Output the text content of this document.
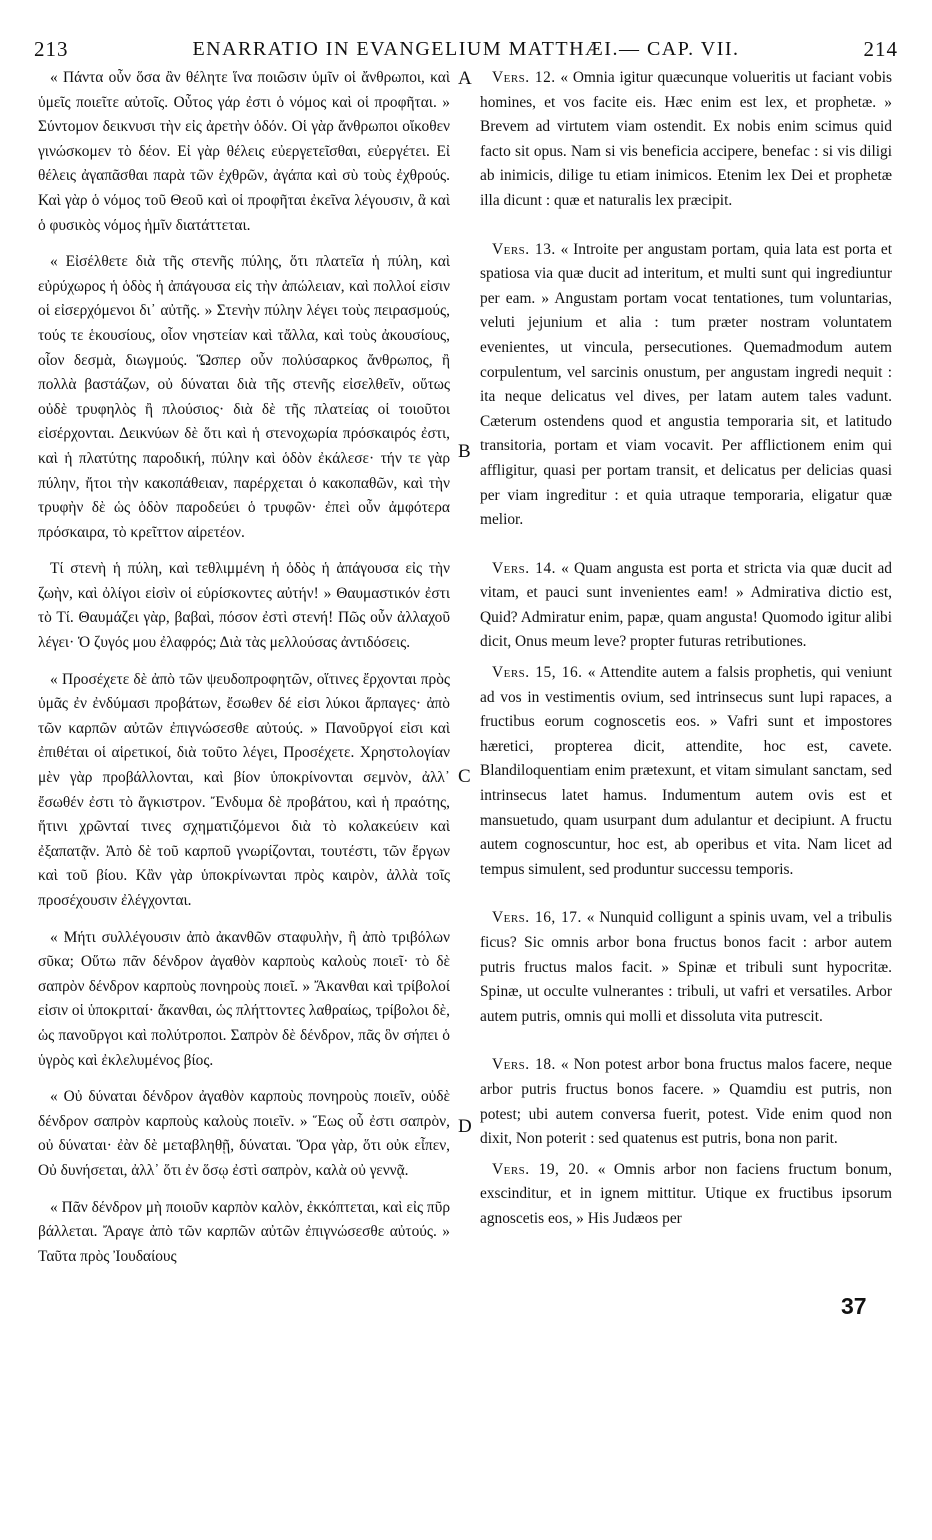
213	ENARRATIO IN EVANGELIUM MATTHÆI.— CAP. VII.	214

« Πάντα οὖν ὅσα ἂν θέλητε ἵνα ποιῶσιν ὑμῖν οἱ ἄνθρωποι, καὶ ὑμεῖς ποιεῖτε αὐτοῖς. Οὗτος γάρ ἐστι ὁ νόμος καὶ οἱ προφῆται. » Σύντομον δεικνυσι τὴν εἰς ἀρετὴν ὁδόν. Οἱ γὰρ ἄνθρωποι οἴκοθεν γινώσκομεν τὸ δέον. Εἰ γὰρ θέλεις εὐεργετεῖσθαι, εὐεργέτει. Εἰ θέλεις ἀγαπᾶσθαι παρὰ τῶν ἐχθρῶν, ἀγάπα καὶ σὺ τοὺς ἐχθρούς. Καὶ γὰρ ὁ νόμος τοῦ Θεοῦ καὶ οἱ προφῆται ἐκεῖνα λέγουσιν, ἃ καὶ ὁ φυσικὸς νόμος ἡμῖν διατάττεται.

« Εἰσέλθετε διὰ τῆς στενῆς πύλης, ὅτι πλατεῖα ἡ πύλη, καὶ εὐρύχωρος ἡ ὁδὸς ἡ ἀπάγουσα εἰς τὴν ἀπώλειαν, καὶ πολλοί εἰσιν οἱ εἰσερχόμενοι δι᾿ αὐτῆς. » Στενὴν πύλην λέγει τοὺς πειρασμούς, τούς τε ἑκουσίους, οἷον νηστείαν καὶ τἄλλα, καὶ τοὺς ἀκουσίους, οἷον δεσμὰ, διωγμούς. Ὥσπερ οὖν πολύσαρκος ἄνθρωπος, ἢ πολλὰ βαστάζων, οὐ δύναται διὰ τῆς στενῆς εἰσελθεῖν, οὕτως οὐδὲ τρυφηλὸς ἢ πλούσιος· διὰ δὲ τῆς πλατείας οἱ τοιοῦτοι εἰσέρχονται. Δεικνύων δὲ ὅτι καὶ ἡ στενοχωρία πρόσκαιρός ἐστι, καὶ ἡ πλατύτης παροδική, πύλην καὶ ὁδὸν ἐκάλεσε· τήν τε γὰρ πύλην, ἤτοι τὴν κακοπάθειαν, παρέρχεται ὁ κακοπαθῶν, καὶ τὴν τρυφὴν δὲ ὡς ὁδὸν παροδεύει ὁ τρυφῶν· ἐπεὶ οὖν ἀμφότερα πρόσκαιρα, τὸ κρεῖττον αἱρετέον.

Τί στενὴ ἡ πύλη, καὶ τεθλιμμένη ἡ ὁδὸς ἡ ἀπάγουσα εἰς τὴν ζωὴν, καὶ ὀλίγοι εἰσὶν οἱ εὑρίσκοντες αὐτήν! » Θαυμαστικόν ἐστι τὸ Τί. Θαυμάζει γὰρ, βαβαὶ, πόσον ἐστὶ στενή! Πῶς οὖν ἀλλαχοῦ λέγει· Ὁ ζυγός μου ἐλαφρός; Διὰ τὰς μελλούσας ἀντιδόσεις.

« Προσέχετε δὲ ἀπὸ τῶν ψευδοπροφητῶν, οἵτινες ἔρχονται πρὸς ὑμᾶς ἐν ἐνδύμασι προβάτων, ἔσωθεν δέ εἰσι λύκοι ἅρπαγες· ἀπὸ τῶν καρπῶν αὐτῶν ἐπιγνώσεσθε αὐτούς. » Πανοῦργοί εἰσι καὶ ἐπιθέται οἱ αἱρετικοί, διὰ τοῦτο λέγει, Προσέχετε. Χρηστολογίαν μὲν γὰρ προβάλλονται, καὶ βίον ὑποκρίνονται σεμνὸν, ἀλλ᾿ ἔσωθέν ἐστι τὸ ἄγκιστρον. Ἔνδυμα δὲ προβάτου, καὶ ἡ πραότης, ἥτινι χρῶνταί τινες σχηματιζόμενοι διὰ τὸ κολακεύειν καὶ ἐξαπατᾷν. Ἀπὸ δὲ τοῦ καρποῦ γνωρίζονται, τουτέστι, τῶν ἔργων καὶ τοῦ βίου. Κἂν γὰρ ὑποκρίνωνται πρὸς καιρὸν, ἀλλὰ τοῖς προσέχουσιν ἐλέγχονται.

« Μήτι συλλέγουσιν ἀπὸ ἀκανθῶν σταφυλὴν, ἢ ἀπὸ τριβόλων σῦκα; Οὕτω πᾶν δένδρον ἀγαθὸν καρποὺς καλοὺς ποιεῖ· τὸ δὲ σαπρὸν δένδρον καρποὺς πονηροὺς ποιεῖ. » Ἄκανθαι καὶ τρίβολοί εἰσιν οἱ ὑποκριταί· ἄκανθαι, ὡς πλήττοντες λαθραίως, τρίβολοι δὲ, ὡς πανοῦργοι καὶ πολύτροποι. Σαπρὸν δὲ δένδρον, πᾶς ὃν σήπει ὁ ὑγρὸς καὶ ἐκλελυμένος βίος.

« Οὐ δύναται δένδρον ἀγαθὸν καρποὺς πονηροὺς ποιεῖν, οὐδὲ δένδρον σαπρὸν καρποὺς καλοὺς ποιεῖν. » Ἕως οὗ ἐστι σαπρὸν, οὐ δύναται· ἐὰν δὲ μεταβληθῇ, δύναται. Ὅρα γὰρ, ὅτι οὐκ εἶπεν, Οὐ δυνήσεται, ἀλλ᾿ ὅτι ἐν ὅσῳ ἐστὶ σαπρὸν, καλὰ οὐ γεννᾷ.

« Πᾶν δένδρον μὴ ποιοῦν καρπὸν καλὸν, ἐκκόπτεται, καὶ εἰς πῦρ βάλλεται. Ἄραγε ἀπὸ τῶν καρπῶν αὐτῶν ἐπιγνώσεσθε αὐτούς. » Ταῦτα πρὸς Ἰουδαίους

A
B
C
D

Vers. 12. « Omnia igitur quæcunque volueritis ut faciant vobis homines, et vos facite eis. Hæc enim est lex, et prophetæ. » Brevem ad virtutem viam ostendit. Ex nobis enim scimus quid facto sit opus. Nam si vis beneficia accipere, benefac : si vis diligi ab inimicis, dilige tu etiam inimicos. Etenim lex Dei et prophetæ illa dicunt : quæ et naturalis lex præcipit.

Vers. 13. « Introite per angustam portam, quia lata est porta et spatiosa via quæ ducit ad interitum, et multi sunt qui ingrediuntur per eam. » Angustam portam vocat tentationes, tum voluntarias, veluti jejunium et alia : tum præter nostram voluntatem evenientes, ut vincula, persecutiones. Quemadmodum autem corpulentum, vel sarcinis onustum, per angustam ingredi nequit : ita neque delicatus vel dives, per latam autem tales vadunt. Cæterum ostendens quod et angustia temporaria sit, et latitudo transitoria, portam et viam vocavit. Per afflictionem enim qui affligitur, quasi per portam transit, et delicatus per delicias quasi per viam ingreditur : et quia utraque temporaria, eligatur quæ melior.

Vers. 14. « Quam angusta est porta et stricta via quæ ducit ad vitam, et pauci sunt invenientes eam! » Admirativa dictio est, Quid? Admiratur enim, papæ, quam angusta! Quomodo igitur alibi dicit, Onus meum leve? propter futuras retributiones.

Vers. 15, 16. « Attendite autem a falsis prophetis, qui veniunt ad vos in vestimentis ovium, sed intrinsecus sunt lupi rapaces, a fructibus eorum cognoscetis eos. » Vafri sunt et impostores hæretici, propterea dicit, attendite, hoc est, cavete. Blandiloquentiam enim prætexunt, et vitam simulant sanctam, sed intrinsecus latet hamus. Indumentum autem ovis est et mansuetudo, quam usurpant dum adulantur et decipiunt. A fructu autem cognoscuntur, hoc est, ab operibus et vita. Nam licet ad tempus simulent, sed produntur successu temporis.

Vers. 16, 17. « Nunquid colligunt a spinis uvam, vel a tribulis ficus? Sic omnis arbor bona fructus bonos facit : arbor autem putris fructus malos facit. » Spinæ et tribuli sunt hypocritæ. Spinæ, ut occulte vulnerantes : tribuli, ut vafri et versatiles. Arbor autem putris, omnis qui molli et dissoluta vita putrescit.

Vers. 18. « Non potest arbor bona fructus malos facere, neque arbor putris fructus bonos facere. » Quamdiu est putris, non potest; ubi autem conversa fuerit, potest. Vide enim quod non dixit, Non poterit : sed quatenus est putris, bona non parit.

Vers. 19, 20. « Omnis arbor non faciens fructum bonum, exscinditur, et in ignem mittitur. Utique ex fructibus ipsorum agnoscetis eos, » His Judæos per

37
